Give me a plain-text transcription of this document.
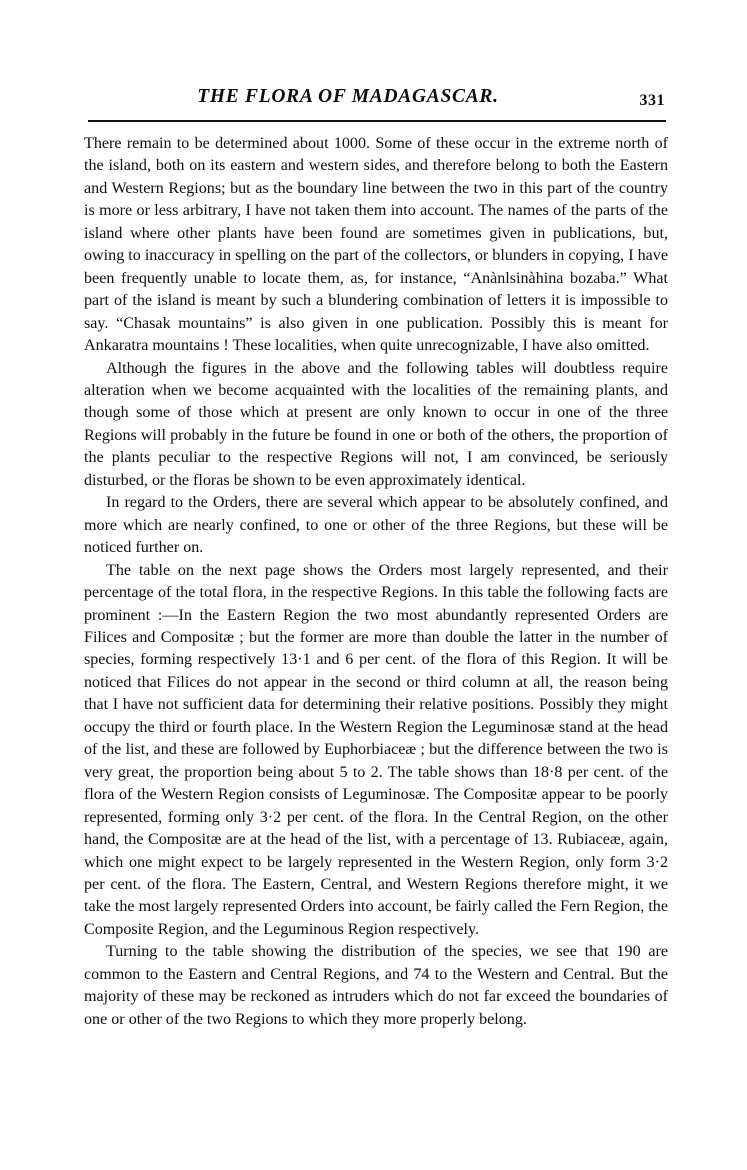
THE FLORA OF MADAGASCAR.	331

There remain to be determined about 1000. Some of these occur in the extreme north of the island, both on its eastern and western sides, and therefore belong to both the Eastern and Western Regions; but as the boundary line between the two in this part of the country is more or less arbitrary, I have not taken them into account. The names of the parts of the island where other plants have been found are sometimes given in publications, but, owing to inaccuracy in spelling on the part of the collectors, or blunders in copying, I have been frequently unable to locate them, as, for instance, “Anànlsinàhina bozaba.” What part of the island is meant by such a blundering combination of letters it is impossible to say. “Chasak mountains” is also given in one publication. Possibly this is meant for Ankaratra mountains ! These localities, when quite unrecognizable, I have also omitted.

Although the figures in the above and the following tables will doubtless require alteration when we become acquainted with the localities of the remaining plants, and though some of those which at present are only known to occur in one of the three Regions will probably in the future be found in one or both of the others, the proportion of the plants peculiar to the respective Regions will not, I am convinced, be seriously disturbed, or the floras be shown to be even approximately identical.

In regard to the Orders, there are several which appear to be absolutely confined, and more which are nearly confined, to one or other of the three Regions, but these will be noticed further on.

The table on the next page shows the Orders most largely represented, and their percentage of the total flora, in the respective Regions. In this table the following facts are prominent :—In the Eastern Region the two most abundantly represented Orders are Filices and Compositæ ; but the former are more than double the latter in the number of species, forming respectively 13·1 and 6 per cent. of the flora of this Region. It will be noticed that Filices do not appear in the second or third column at all, the reason being that I have not sufficient data for determining their relative positions. Possibly they might occupy the third or fourth place. In the Western Region the Leguminosæ stand at the head of the list, and these are followed by Euphorbiaceæ ; but the difference between the two is very great, the proportion being about 5 to 2. The table shows than 18·8 per cent. of the flora of the Western Region consists of Leguminosæ. The Compositæ appear to be poorly represented, forming only 3·2 per cent. of the flora. In the Central Region, on the other hand, the Compositæ are at the head of the list, with a percentage of 13. Rubiaceæ, again, which one might expect to be largely represented in the Western Region, only form 3·2 per cent. of the flora. The Eastern, Central, and Western Regions therefore might, it we take the most largely represented Orders into account, be fairly called the Fern Region, the Composite Region, and the Leguminous Region respectively.

Turning to the table showing the distribution of the species, we see that 190 are common to the Eastern and Central Regions, and 74 to the Western and Central. But the majority of these may be reckoned as intruders which do not far exceed the boundaries of one or other of the two Regions to which they more properly belong.
